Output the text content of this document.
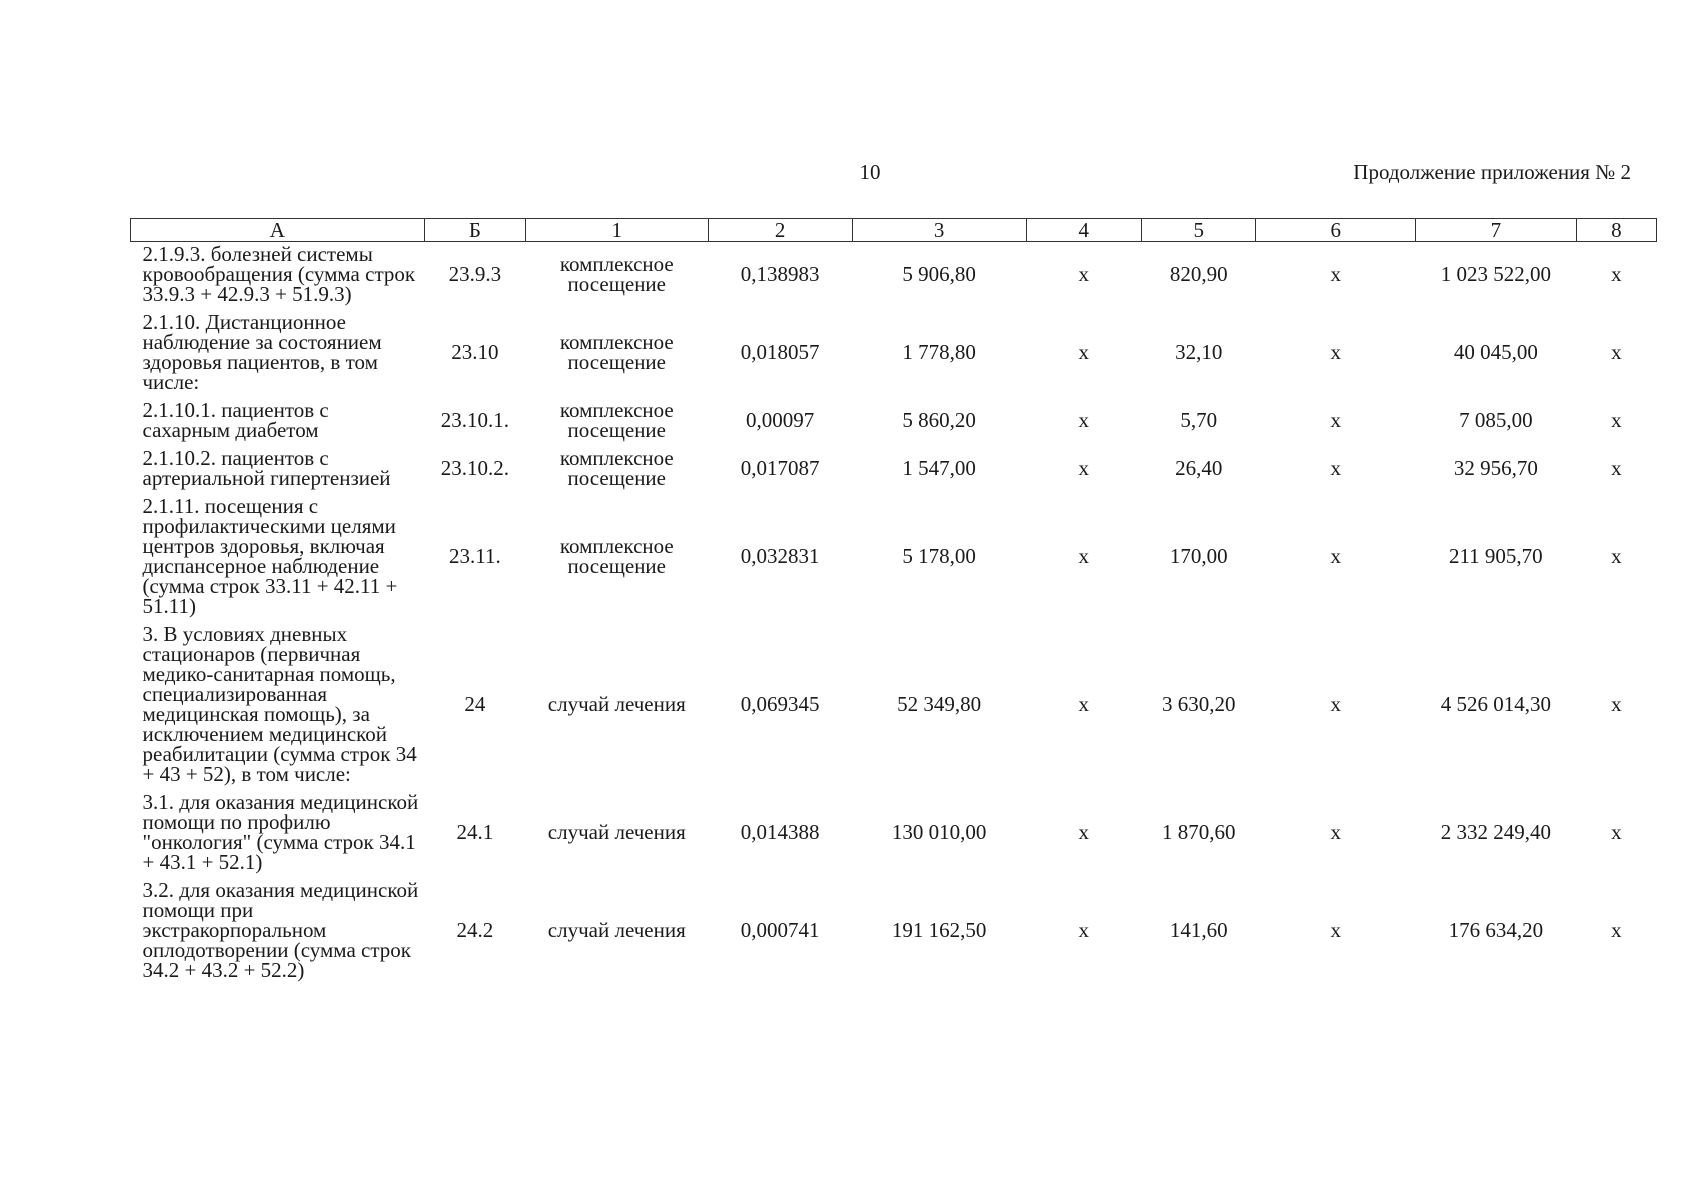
10	Продолжение приложения № 2
А	Б	1	2	3	4	5	6	7	8
2.1.9.3. болезней системы кровообращения (сумма строк 33.9.3 + 42.9.3 + 51.9.3)	23.9.3	комплексное посещение	0,138983	5 906,80	х	820,90	х	1 023 522,00	х
2.1.10. Дистанционное наблюдение за состоянием здоровья пациентов, в том числе:	23.10	комплексное посещение	0,018057	1 778,80	х	32,10	х	40 045,00	х
2.1.10.1. пациентов с сахарным диабетом	23.10.1.	комплексное посещение	0,00097	5 860,20	х	5,70	х	7 085,00	х
2.1.10.2. пациентов с артериальной гипертензией	23.10.2.	комплексное посещение	0,017087	1 547,00	х	26,40	х	32 956,70	х
2.1.11. посещения с профилактическими целями центров здоровья, включая диспансерное наблюдение (сумма строк 33.11 + 42.11 + 51.11)	23.11.	комплексное посещение	0,032831	5 178,00	х	170,00	х	211 905,70	х
3. В условиях дневных стационаров (первичная медико-санитарная помощь, специализированная медицинская помощь), за исключением медицинской реабилитации (сумма строк 34 + 43 + 52), в том числе:	24	случай лечения	0,069345	52 349,80	х	3 630,20	х	4 526 014,30	х
3.1. для оказания медицинской помощи по профилю "онкология" (сумма строк 34.1 + 43.1 + 52.1)	24.1	случай лечения	0,014388	130 010,00	х	1 870,60	х	2 332 249,40	х
3.2. для оказания медицинской помощи при экстракорпоральном оплодотворении (сумма строк 34.2 + 43.2 + 52.2)	24.2	случай лечения	0,000741	191 162,50	х	141,60	х	176 634,20	х
